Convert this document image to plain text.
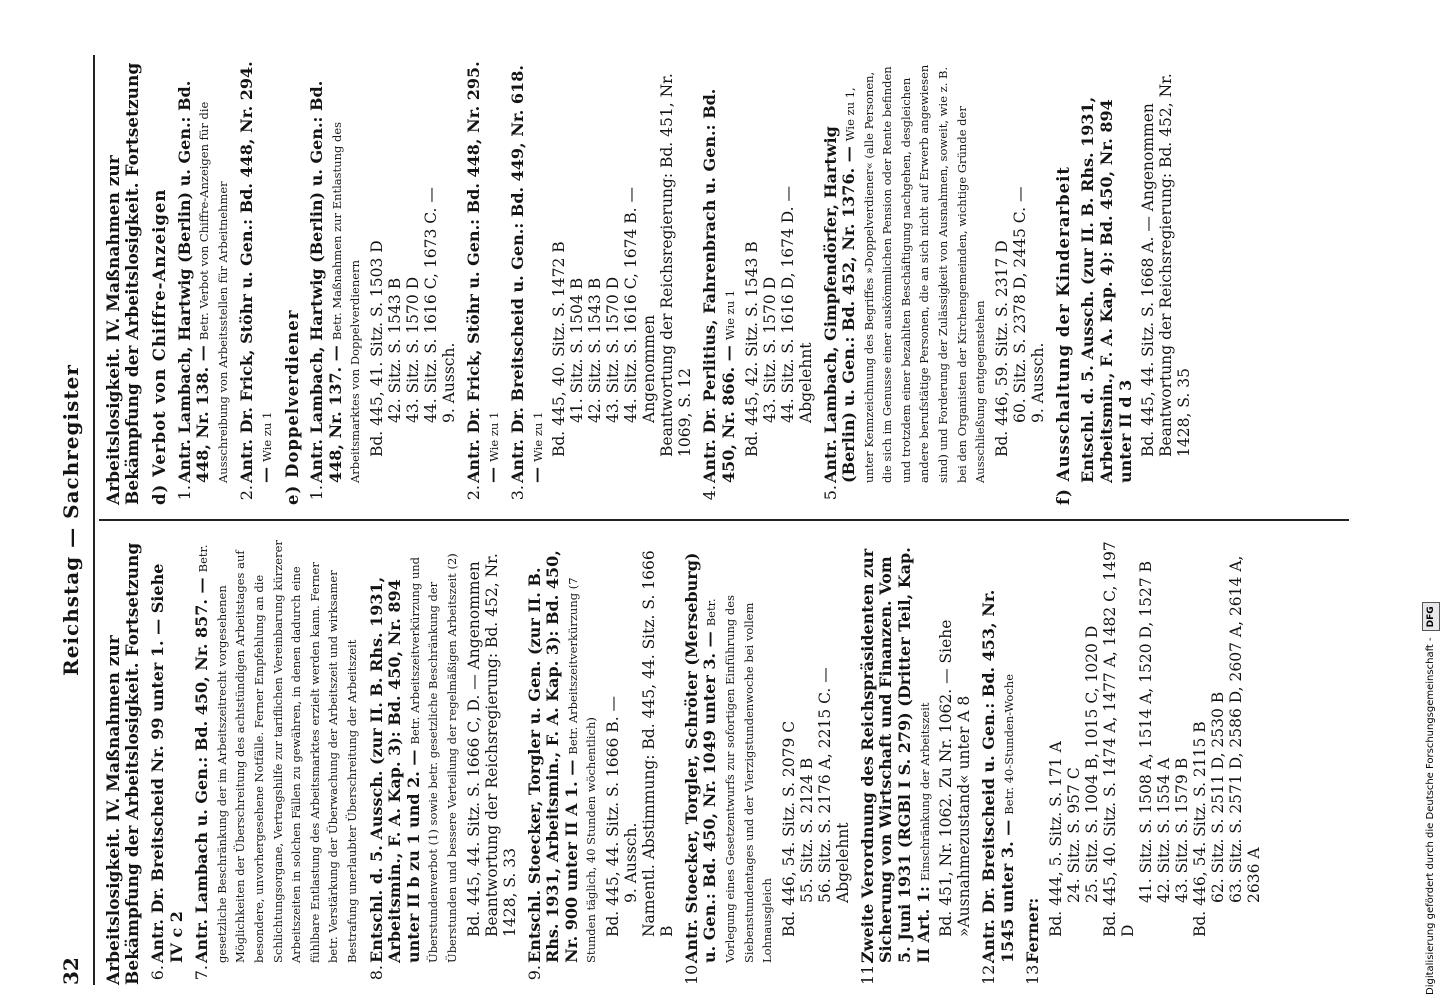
32
Reichstag — Sachregister
Arbeitslosigkeit. IV. Maßnahmen zur Bekämpfung der Arbeitslosigkeit. Fortsetzung 6.
Antr. Dr. Breitscheid Nr. 99 unter 1. — Siehe IV c 2
7.
Antr. Lambach u. Gen.: Bd. 450, Nr. 857. — Betr. gesetzliche Beschränkung der im Arbeitszeitrecht vorgesehenen Möglichkeiten der Überschreitung des achtstündigen Arbeitstages auf besondere, unvorhergesehene Notfälle. Ferner Empfehlung an die Schlichtungsorgane, Vertragshilfe zur tariflichen Vereinbarung kürzerer Arbeitszeiten in solchen Fällen zu gewähren, in denen dadurch eine fühlbare Entlastung des Arbeitsmarktes erzielt werden kann. Ferner betr. Verstärkung der Überwachung der Arbeitszeit und wirksamer Bestrafung unerlaubter Überschreitung der Arbeitszeit
8.
Entschl. d. 5. Aussch. (zur II. B. Rhs. 1931, Arbeitsmin., F. A. Kap. 3): Bd. 450, Nr. 894 unter II b zu 1 und 2. — Betr. Arbeitszeitverkürzung und Überstundenverbot (1) sowie betr. gesetzliche Beschränkung der Überstunden und bessere Verteilung der regelmäßigen Arbeitszeit (2) Bd. 445, 44. Sitz. S. 1666 C, D. — Angenommen Beantwortung der Reichsregierung: Bd. 452, Nr. 1428, S. 33
9.
Entschl. Stoecker, Torgler u. Gen. (zur II. B. Rhs. 1931, Arbeitsmin., F. A. Kap. 3): Bd. 450, Nr. 900 unter II A 1. — Betr. Arbeitszeitverkürzung (7 Stunden täglich, 40 Stunden wöchentlich) Bd. 445, 44. Sitz. S. 1666 B. — 9. Aussch. Namentl. Abstimmung: Bd. 445, 44. Sitz. S. 1666 B
10.
Antr. Stoecker, Torgler, Schröter (Merseburg) u. Gen.: Bd. 450, Nr. 1049 unter 3. — Betr. Vorlegung eines Gesetzentwurfs zur sofortigen Einführung des Siebenstundentages und der Vierzigstundenwoche bei vollem Lohnausgleich Bd. 446, 54. Sitz. S. 2079 C 55. Sitz. S. 2124 B 56. Sitz. S. 2176 A, 2215 C. — Abgelehnt
11.
Zweite Verordnung des Reichspräsidenten zur Sicherung von Wirtschaft und Finanzen. Vom 5. Juni 1931 (RGBl I S. 279) (Dritter Teil, Kap. II Art. 1: Einschränkung der Arbeitszeit Bd. 451, Nr. 1062. Zu Nr. 1062. — Siehe »Ausnahmezustand« unter A 8
12.
Antr. Dr. Breitscheid u. Gen.: Bd. 453, Nr. 1545 unter 3. — Betr. 40-Stunden-Woche
13.
Ferner: Bd. 444, 5. Sitz. S. 171 A 24. Sitz. S. 957 C 25. Sitz. S. 1004 B, 1015 C, 1020 D Bd. 445, 40. Sitz. S. 1474 A, 1477 A, 1482 C, 1497 D
41. Sitz. S. 1508 A, 1514 A, 1520 D, 1527 B 42. Sitz. S. 1554 A 43. Sitz. S. 1579 B Bd. 446, 54. Sitz. S. 2115 B 62. Sitz. S. 2511 D, 2530 B 63. Sitz. S. 2571 D, 2586 D, 2607 A, 2614 A, 2636 A
Arbeitslosigkeit. IV. Maßnahmen zur Bekämpfung der Arbeitslosigkeit. Fortsetzung d) Verbot von Chiffre-Anzeigen 1.
Antr. Lambach, Hartwig (Berlin) u. Gen.: Bd. 448, Nr. 138. — Betr. Verbot von Chiffre-Anzeigen für die Ausschreibung von Arbeitsstellen für Arbeitnehmer
2.
Antr. Dr. Frick, Stöhr u. Gen.: Bd. 448, Nr. 294. — Wie zu 1 e) Doppelverdiener 1.
Antr. Lambach, Hartwig (Berlin) u. Gen.: Bd. 448, Nr. 137. — Betr. Maßnahmen zur Entlastung des Arbeitsmarktes von Doppelverdienern Bd. 445, 41. Sitz. S. 1503 D 42. Sitz. S. 1543 B 43. Sitz. S. 1570 D 44. Sitz. S. 1616 C, 1673 C. — 9. Aussch.
2.
Antr. Dr. Frick, Stöhr u. Gen.: Bd. 448, Nr. 295. — Wie zu 1
3.
Antr. Dr. Breitscheid u. Gen.: Bd. 449, Nr. 618. — Wie zu 1 Bd. 445, 40. Sitz. S. 1472 B 41. Sitz. S. 1504 B 42. Sitz. S. 1543 B 43. Sitz. S. 1570 D 44. Sitz. S. 1616 C, 1674 B. — Angenommen Beantwortung der Reichsregierung: Bd. 451, Nr. 1069, S. 12
4.
Antr. Dr. Perlitius, Fahrenbrach u. Gen.: Bd. 450, Nr. 866. — Wie zu 1 Bd. 445, 42. Sitz. S. 1543 B 43. Sitz. S. 1570 D 44. Sitz. S. 1616 D, 1674 D. — Abgelehnt
5.
Antr. Lambach, Gimpfendörfer, Hartwig (Berlin) u. Gen.: Bd. 452, Nr. 1376. — Wie zu 1, unter Kennzeichnung des Begriffes »Doppelverdiener« (alle Personen, die sich im Genusse einer auskömmlichen Pension oder Rente befinden und trotzdem einer bezahlten Beschäftigung nachgehen, desgleichen andere berufstätige Personen, die an sich nicht auf Erwerb angewiesen sind) und Forderung der Zulässigkeit von Ausnahmen, soweit, wie z. B. bei den Organisten der Kirchengemeinden, wichtige Gründe der Ausschließung entgegenstehen Bd. 446, 59. Sitz. S. 2317 D 60. Sitz. S. 2378 D, 2445 C. — 9. Aussch. f) Ausschaltung der Kinderarbeit Entschl. d. 5. Aussch. (zur II. B. Rhs. 1931, Arbeitsmin., F. A. Kap. 4): Bd. 450, Nr. 894 unter II d 3 Bd. 445, 44. Sitz. S. 1668 A. — Angenommen Beantwortung der Reichsregierung: Bd. 452, Nr. 1428, S. 35
Digitalisierung gefördert durch die Deutsche Forschungsgemeinschaft -DFG
